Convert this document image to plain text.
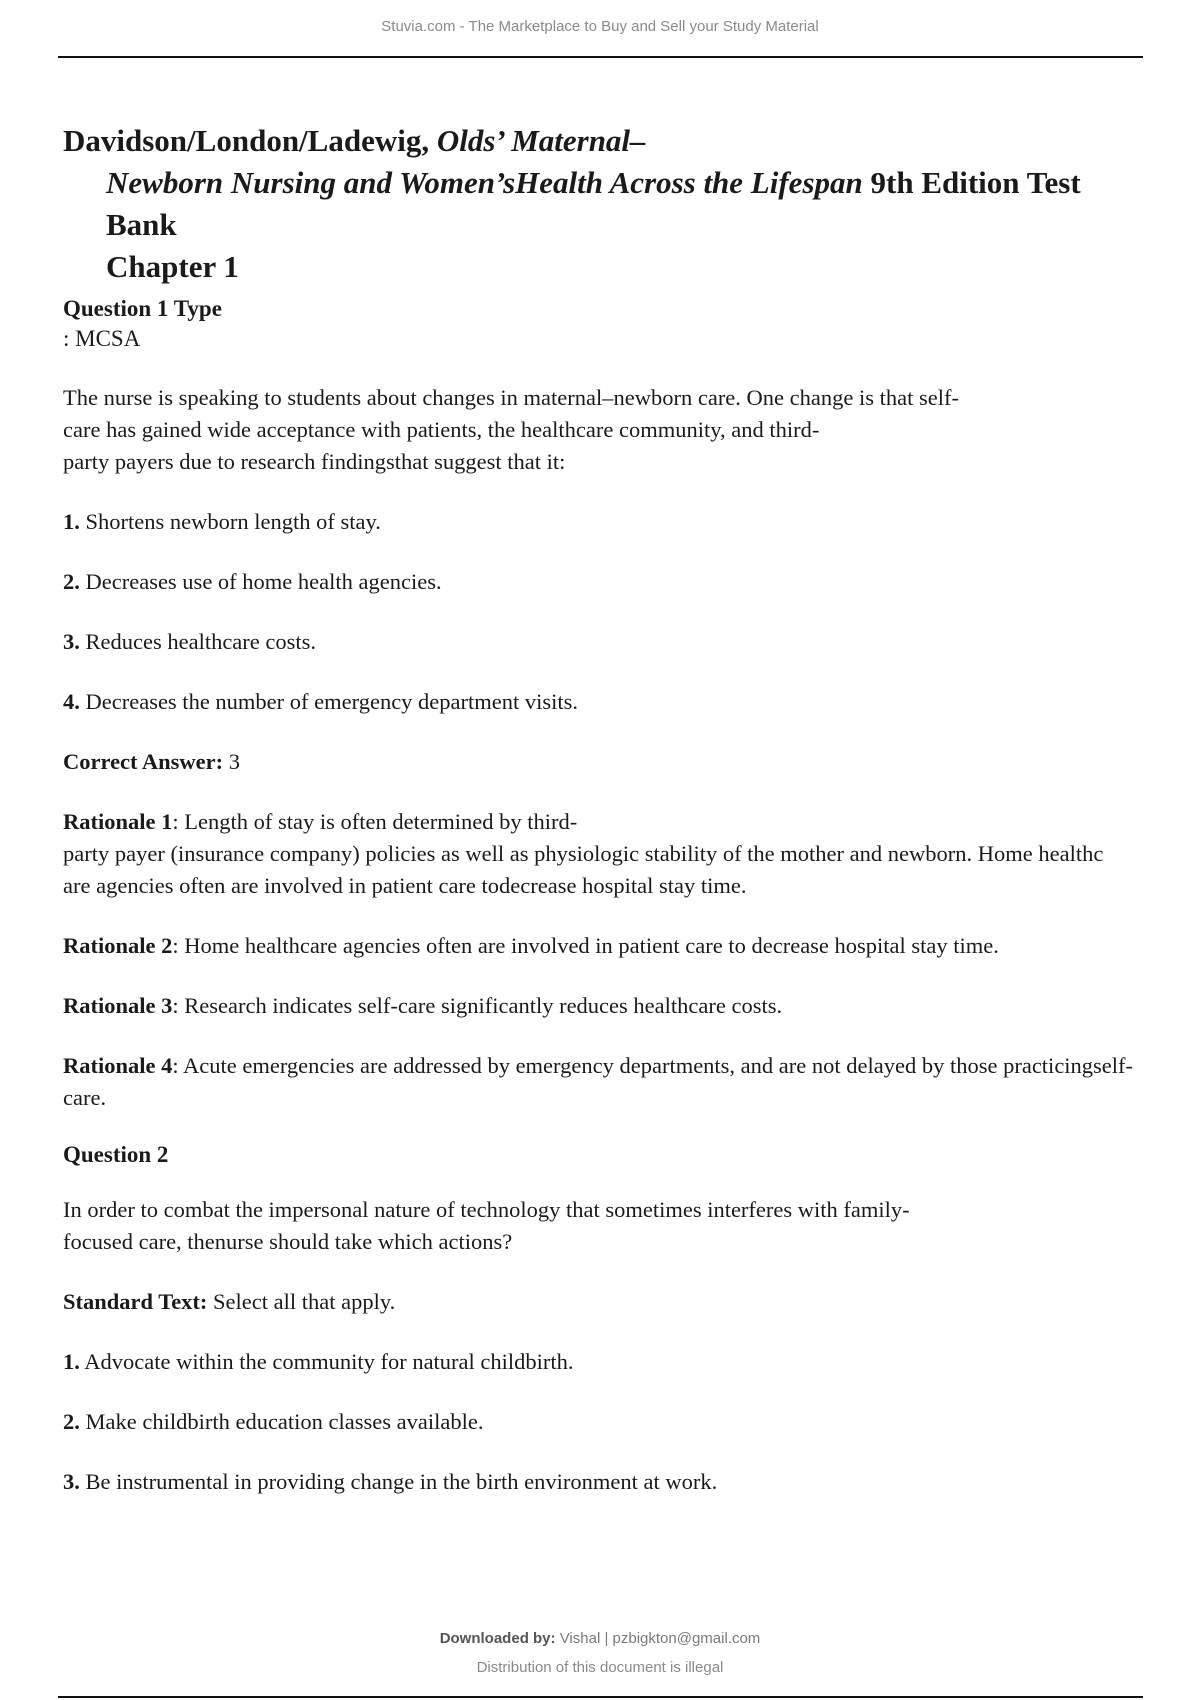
Stuvia.com - The Marketplace to Buy and Sell your Study Material
Davidson/London/Ladewig, Olds’ Maternal–
Newborn Nursing and Women’sHealth Across the Lifespan 9th Edition Test
Bank
Chapter 1
Question 1 Type
: MCSA

The nurse is speaking to students about changes in maternal–newborn care. One change is that self-
care has gained wide acceptance with patients, the healthcare community, and third-
party payers due to research findingsthat suggest that it:

1. Shortens newborn length of stay.

2. Decreases use of home health agencies.

3. Reduces healthcare costs.

4. Decreases the number of emergency department visits.

Correct Answer: 3

Rationale 1: Length of stay is often determined by third-
party payer (insurance company) policies as well as physiologic stability of the mother and newborn. Home healthc
are agencies often are involved in patient care todecrease hospital stay time.

Rationale 2: Home healthcare agencies often are involved in patient care to decrease hospital stay time.

Rationale 3: Research indicates self-care significantly reduces healthcare costs.

Rationale 4: Acute emergencies are addressed by emergency departments, and are not delayed by those practicingself-
care.

Question 2

In order to combat the impersonal nature of technology that sometimes interferes with family-
focused care, thenurse should take which actions?

Standard Text: Select all that apply.

1. Advocate within the community for natural childbirth.

2. Make childbirth education classes available.

3. Be instrumental in providing change in the birth environment at work.

Downloaded by: Vishal | pzbigkton@gmail.com
Distribution of this document is illegal
